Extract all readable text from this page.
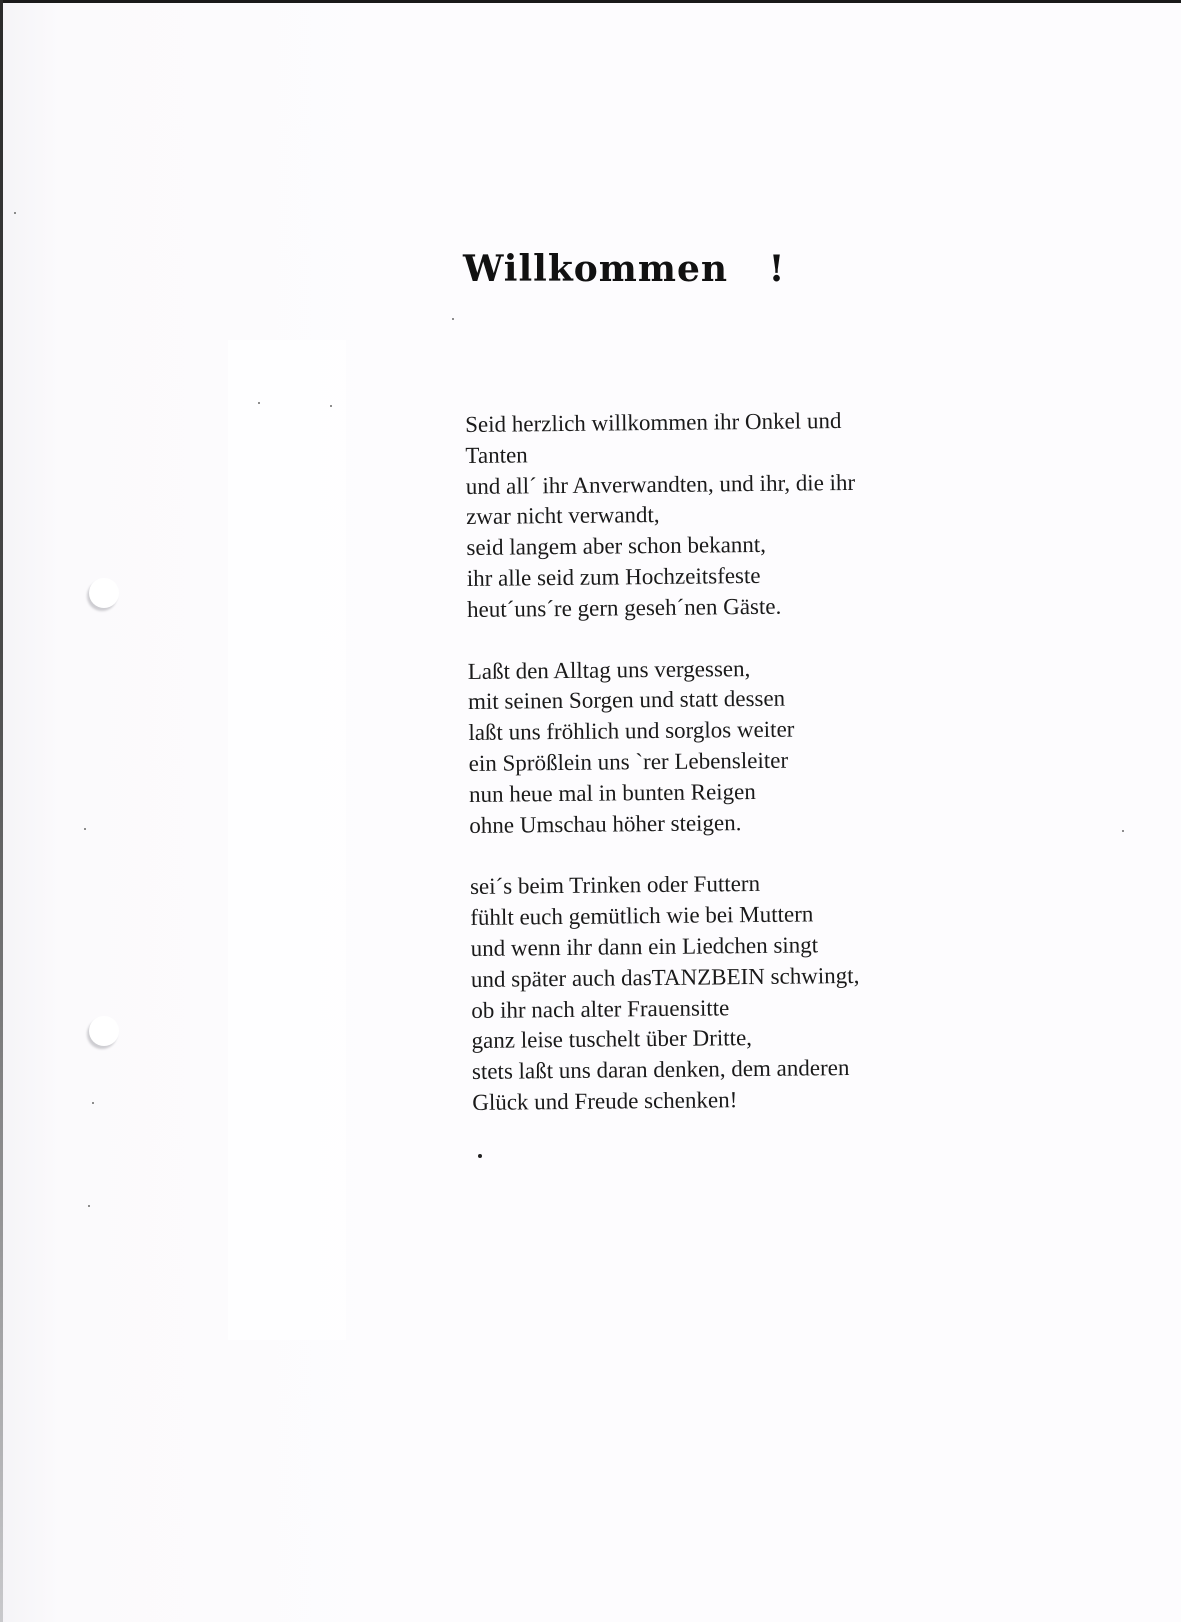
Willkommen   !
Seid herzlich willkommen ihr Onkel und
Tanten
und all´ ihr Anverwandten, und ihr, die ihr
zwar nicht verwandt,
seid langem aber schon bekannt,
ihr alle seid zum Hochzeitsfeste
heut´uns´re gern geseh´nen Gäste.
Laßt den Alltag uns vergessen,
mit seinen Sorgen und statt dessen
laßt uns fröhlich und sorglos weiter
ein Sprößlein uns `rer Lebensleiter
nun heue mal in bunten Reigen
ohne Umschau höher steigen.
sei´s beim Trinken oder Futtern
fühlt euch gemütlich wie bei Muttern
und wenn ihr dann ein Liedchen singt
und später auch dasTANZBEIN schwingt,
ob ihr nach alter Frauensitte
ganz leise tuschelt über Dritte,
stets laßt uns daran denken, dem anderen
Glück und Freude schenken!
